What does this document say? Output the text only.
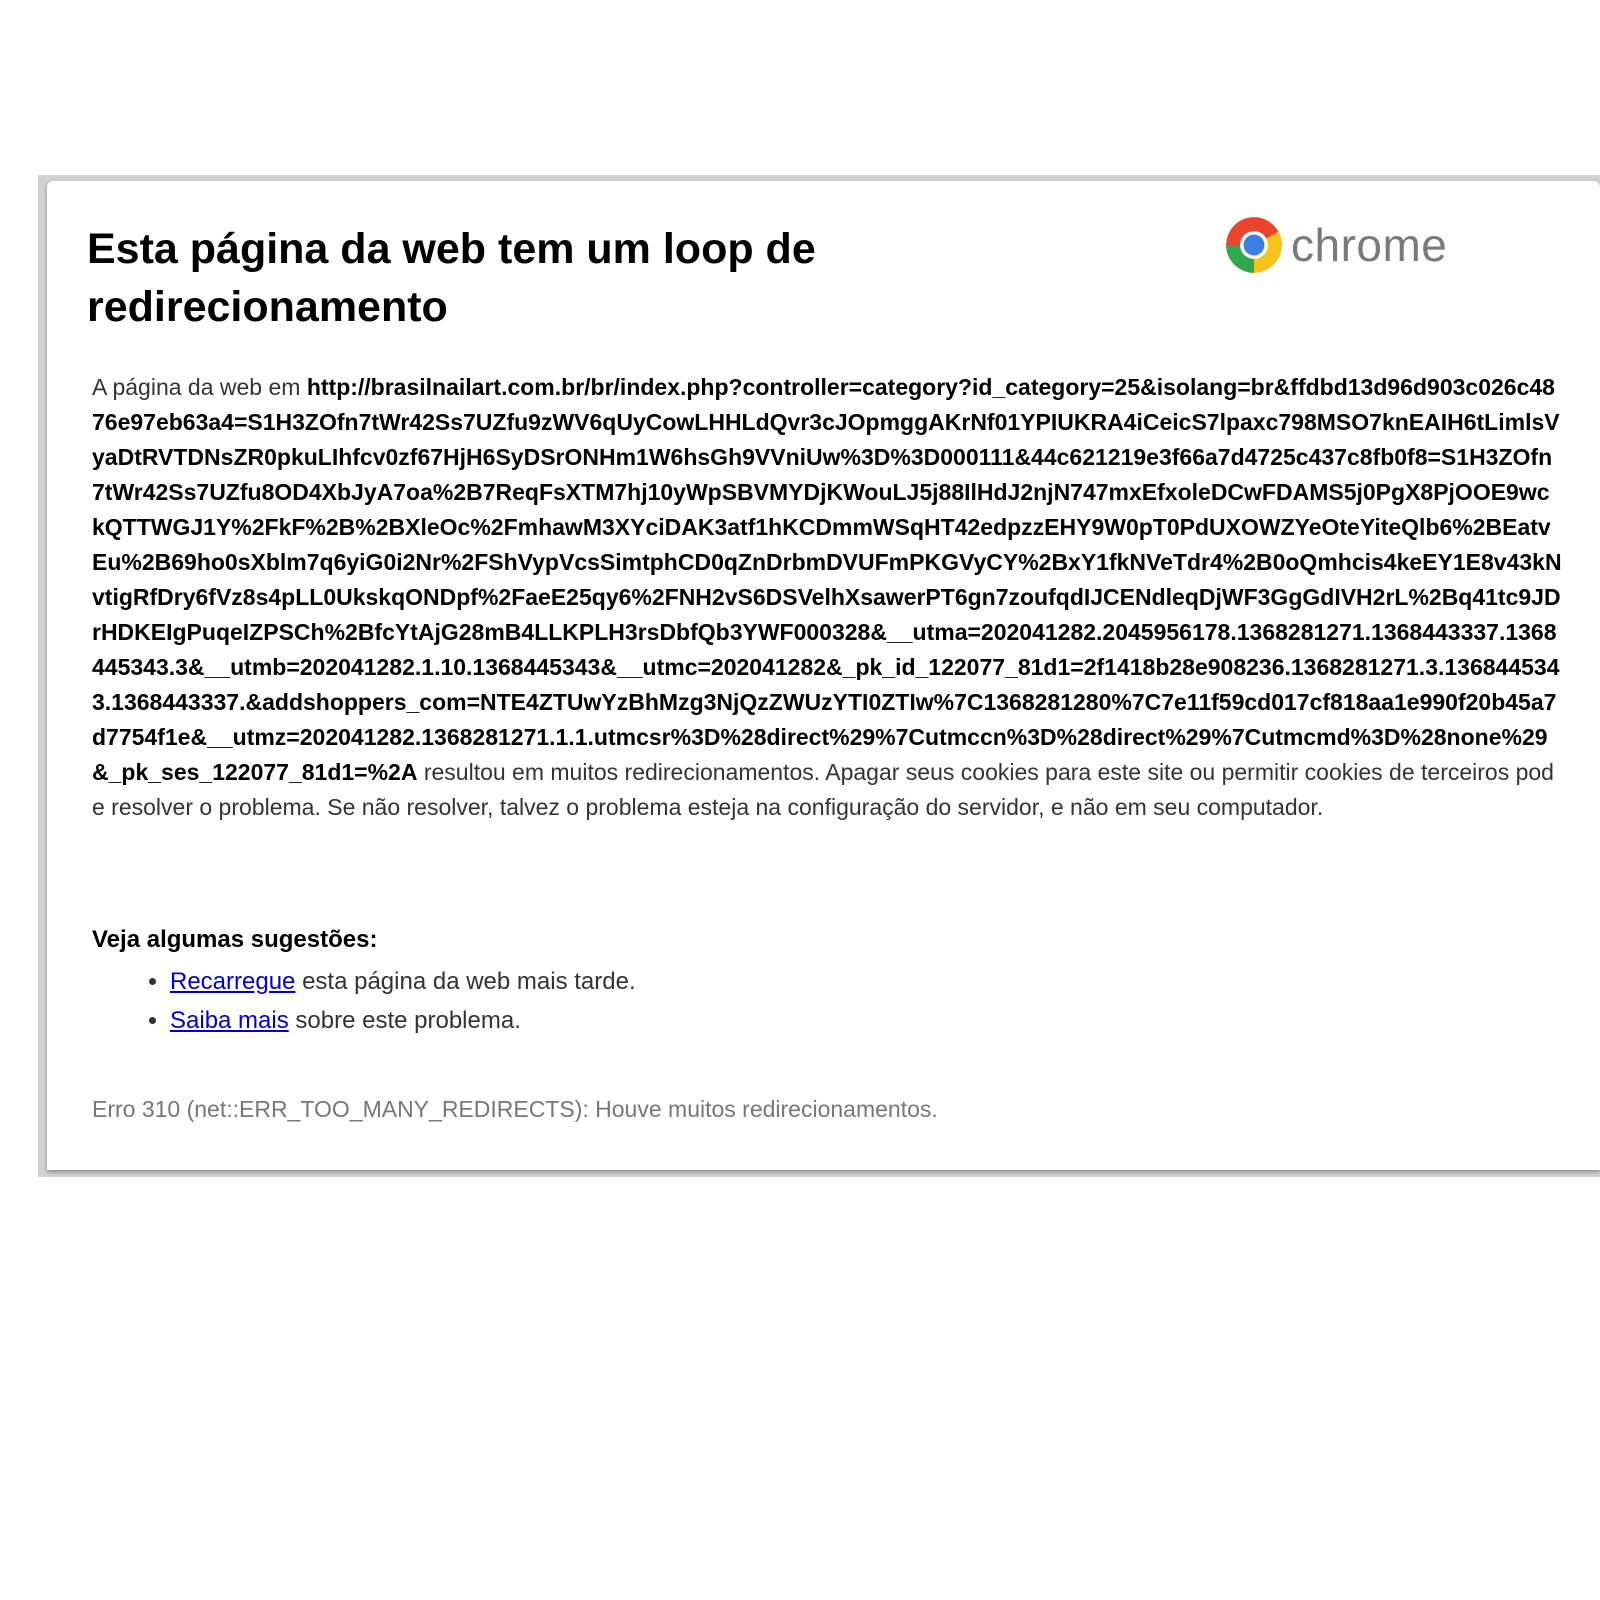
Esta página da web tem um loop de redirecionamento
chrome

A página da web em http://brasilnailart.com.br/br/index.php?controller=category?id_category=25&isolang=br&ffdbd13d96d903c026c4876e97eb63a4=S1H3ZOfn7tWr42Ss7UZfu9zWV6qUyCowLHHLdQvr3cJOpmggAKrNf01YPIUKRA4iCeicS7lpaxc798MSO7knEAIH6tLimlsVyaDtRVTDNsZR0pkuLIhfcv0zf67HjH6SyDSrONHm1W6hsGh9VVniUw%3D%3D000111&44c621219e3f66a7d4725c437c8fb0f8=S1H3ZOfn7tWr42Ss7UZfu8OD4XbJyA7oa%2B7ReqFsXTM7hj10yWpSBVMYDjKWouLJ5j88IlHdJ2njN747mxEfxoleDCwFDAMS5j0PgX8PjOOE9wckQTTWGJ1Y%2FkF%2B%2BXleOc%2FmhawM3XYciDAK3atf1hKCDmmWSqHT42edpzzEHY9W0pT0PdUXOWZYeOteYiteQlb6%2BEatvEu%2B69ho0sXblm7q6yiG0i2Nr%2FShVypVcsSimtphCD0qZnDrbmDVUFmPKGVyCY%2BxY1fkNVeTdr4%2B0oQmhcis4keEY1E8v43kNvtigRfDry6fVz8s4pLL0UkskqONDpf%2FaeE25qy6%2FNH2vS6DSVelhXsawerPT6gn7zoufqdIJCENdleqDjWF3GgGdIVH2rL%2Bq41tc9JDrHDKEIgPuqeIZPSCh%2BfcYtAjG28mB4LLKPLH3rsDbfQb3YWF000328&__utma=202041282.2045956178.1368281271.1368443337.1368445343.3&__utmb=202041282.1.10.1368445343&__utmc=202041282&_pk_id_122077_81d1=2f1418b28e908236.1368281271.3.1368445343.1368443337.&addshoppers_com=NTE4ZTUwYzBhMzg3NjQzZWUzYTI0ZTIw%7C1368281280%7C7e11f59cd017cf818aa1e990f20b45a7d7754f1e&__utmz=202041282.1368281271.1.1.utmcsr%3D%28direct%29%7Cutmccn%3D%28direct%29%7Cutmcmd%3D%28none%29&_pk_ses_122077_81d1=%2A resultou em muitos redirecionamentos. Apagar seus cookies para este site ou permitir cookies de terceiros pode resolver o problema. Se não resolver, talvez o problema esteja na configuração do servidor, e não em seu computador.

Veja algumas sugestões:

• Recarregue esta página da web mais tarde.
• Saiba mais sobre este problema.

Erro 310 (net::ERR_TOO_MANY_REDIRECTS): Houve muitos redirecionamentos.
